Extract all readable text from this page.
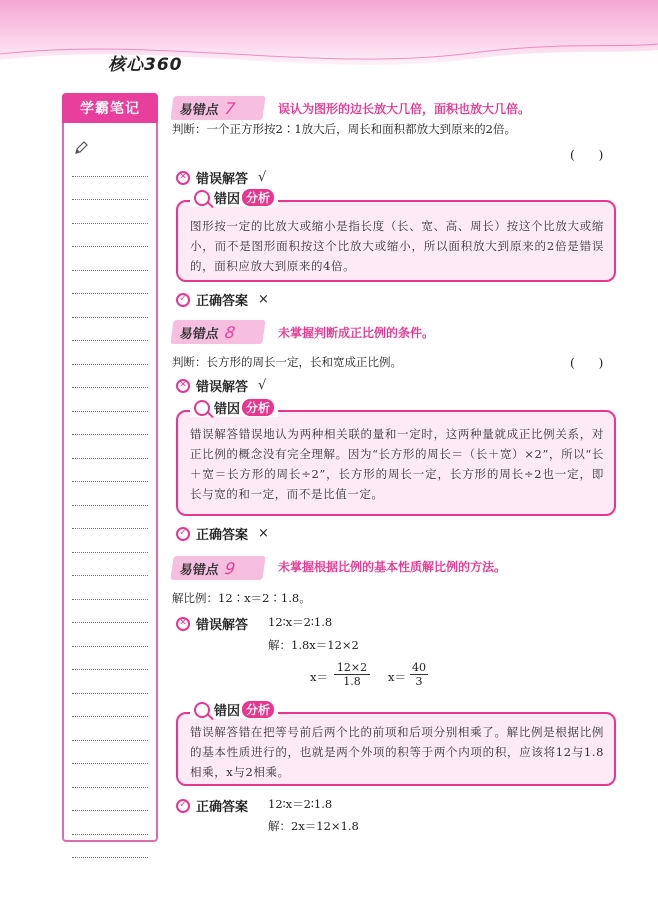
核心360
学霸笔记	易错点 7	误认为图形的边长放大几倍，面积也放大几倍。
判断：一个正方形按2∶1放大后，周长和面积都放大到原来的2倍。
(　　)
✕ 错误解答 √
图形按一定的比放大或缩小是指长度（长、宽、高、周长）按这个比放大或缩小，而不是图形面积按这个比放大或缩小，所以面积放大到原来的2倍是错误的，面积应放大到原来的4倍。
错因 分析
✓ 正确答案 ×
易错点 8	未掌握判断成正比例的条件。
判断：长方形的周长一定，长和宽成正比例。	(　　)
✕ 错误解答 √
错误解答错误地认为两种相关联的量和一定时，这两种量就成正比例关系，对正比例的概念没有完全理解。因为“长方形的周长＝（长＋宽）×2”，所以“长＋宽＝长方形的周长÷2”，长方形的周长一定，长方形的周长÷2也一定，即长与宽的和一定，而不是比值一定。
错因 分析
✓ 正确答案 ×
易错点 9	未掌握根据比例的基本性质解比例的方法。
解比例：12∶x＝2∶1.8。
✕ 错误解答 12∶x＝2∶1.8
解：1.8x＝12×2
$x= \frac{12\times 2}{1.8} x= \frac{40}{3}$
错误解答错在把等号前后两个比的前项和后项分别相乘了。解比例是根据比例的基本性质进行的，也就是两个外项的积等于两个内项的积，应该将12与1.8相乘，x与2相乘。
错因 分析
✓ 正确答案 12∶x＝2∶1.8
解：2x＝12×1.8
